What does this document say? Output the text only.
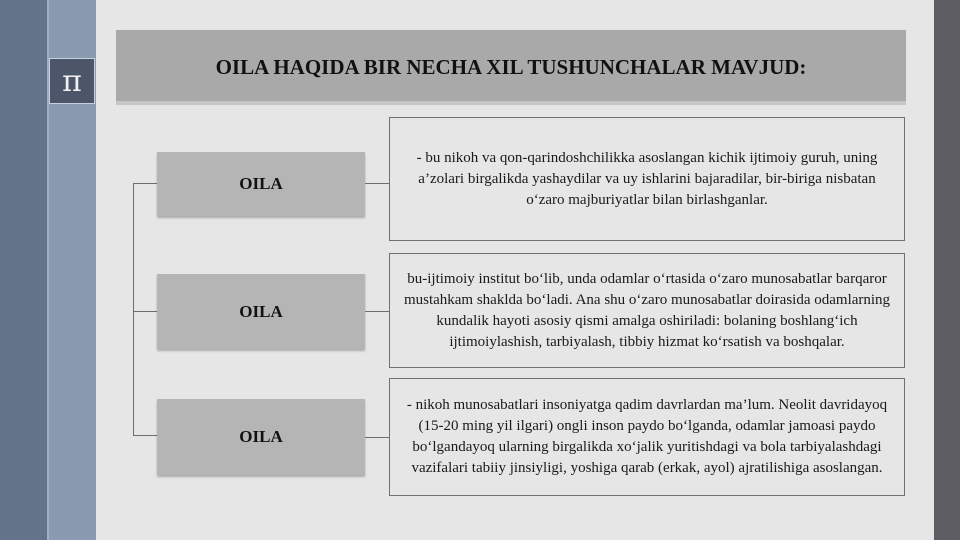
π	OILA HAQIDA BIR NECHA XIL TUSHUNCHALAR MAVJUD:
OILA
- bu nikoh va qon-qarindoshchilikka asoslangan kichik ijtimoiy guruh, uning a’zolari birgalikda yashaydilar va uy ishlarini bajaradilar, bir-biriga nisbatan o‘zaro majburiyatlar bilan birlashganlar.
OILA
bu-ijtimoiy institut bo‘lib, unda odamlar o‘rtasida o‘zaro munosabatlar barqaror mustahkam shaklda bo‘ladi. Ana shu o‘zaro munosabatlar doirasida odamlarning kundalik hayoti asosiy qismi amalga oshiriladi: bolaning boshlang‘ich ijtimoiylashish, tarbiyalash, tibbiy hizmat ko‘rsatish va boshqalar.
OILA
- nikoh munosabatlari insoniyatga qadim davrlardan ma’lum. Neolit davridayoq (15-20 ming yil ilgari) ongli inson paydo bo‘lganda, odamlar jamoasi paydo bo‘lgandayoq ularning birgalikda xo‘jalik yuritishdagi va bola tarbiyalashdagi vazifalari tabiiy jinsiyligi, yoshiga qarab (erkak, ayol) ajratilishiga asoslangan.
